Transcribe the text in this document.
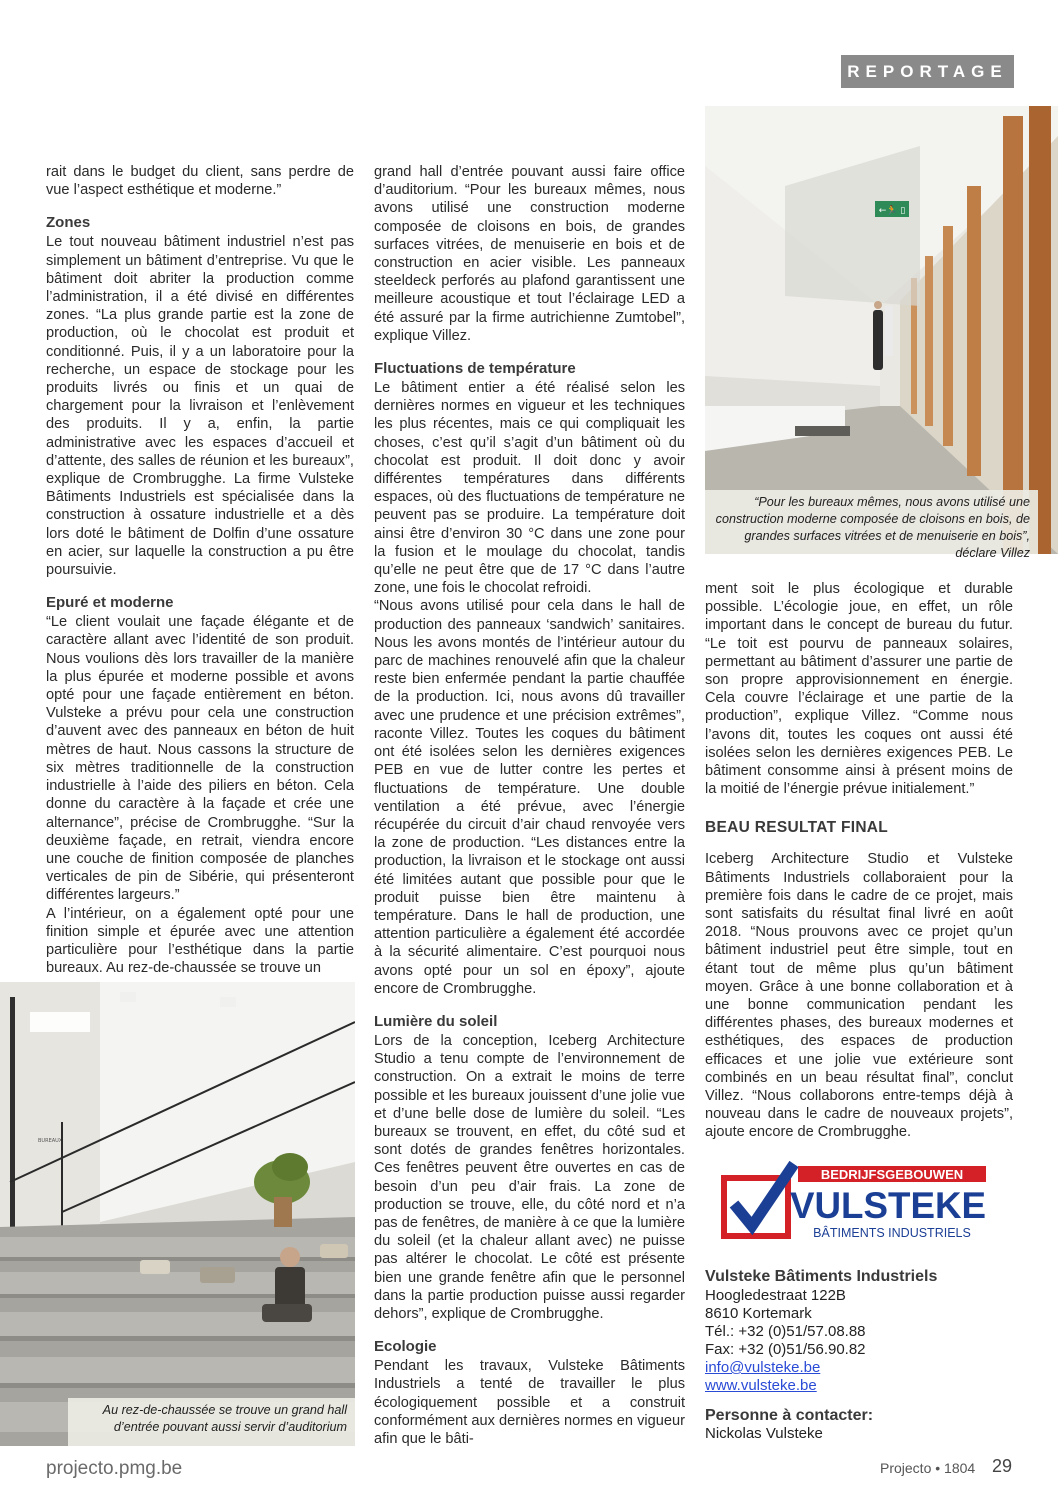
REPORTAGE

rait dans le budget du client, sans perdre de vue l’aspect esthétique et moderne.”

Zones

Le tout nouveau bâtiment industriel n’est pas simplement un bâtiment d’entreprise. Vu que le bâtiment doit abriter la production comme l’administration, il a été divisé en différentes zones. “La plus grande partie est la zone de production, où le chocolat est produit et conditionné. Puis, il y a un laboratoire pour la recherche, un espace de stockage pour les produits livrés ou finis et un quai de chargement pour la livraison et l’enlèvement des produits. Il y a, enfin, la partie administrative avec les espaces d’accueil et d’attente, des salles de réunion et les bureaux”, explique de Crombrugghe. La firme Vulsteke Bâtiments Industriels est spécialisée dans la construction à ossature industrielle et a dès lors doté le bâtiment de Dolfin d’une ossature en acier, sur laquelle la construction a pu être poursuivie.

Epuré et moderne

“Le client voulait une façade élégante et de caractère allant avec l’identité de son produit. Nous voulions dès lors travailler de la manière la plus épurée et moderne possible et avons opté pour une façade entièrement en béton. Vulsteke a prévu pour cela une construction d’auvent avec des panneaux en béton de huit mètres de haut. Nous cassons la structure de six mètres traditionnelle de la construction industrielle à l’aide des piliers en béton. Cela donne du caractère à la façade et crée une alternance”, précise de Crombrugghe. “Sur la deuxième façade, en retrait, viendra encore une couche de finition composée de planches verticales de pin de Sibérie, qui présenteront différentes largeurs.”

A l’intérieur, on a également opté pour une finition simple et épurée avec une attention particulière pour l’esthétique dans la partie bureaux. Au rez-de-chaussée se trouve un

grand hall d’entrée pouvant aussi faire office d’auditorium. “Pour les bureaux mêmes, nous avons utilisé une construction moderne composée de cloisons en bois, de grandes surfaces vitrées, de menuiserie en bois et de construction en acier visible. Les panneaux steeldeck perforés au plafond garantissent une meilleure acoustique et tout l’éclairage LED a été assuré par la firme autrichienne Zumtobel”, explique Villez.

Fluctuations de température

Le bâtiment entier a été réalisé selon les dernières normes en vigueur et les techniques les plus récentes, mais ce qui compliquait les choses, c’est qu’il s’agit d’un bâtiment où du chocolat est produit. Il doit donc y avoir différentes températures dans différents espaces, où des fluctuations de température ne peuvent pas se produire. La température doit ainsi être d’environ 30 °C dans une zone pour la fusion et le moulage du chocolat, tandis qu’elle ne peut être que de 17 °C dans l’autre zone, une fois le chocolat refroidi.

“Nous avons utilisé pour cela dans le hall de production des panneaux ‘sandwich’ sanitaires. Nous les avons montés de l’intérieur autour du parc de machines renouvelé afin que la chaleur reste bien enfermée pendant la partie chauffée de la production. Ici, nous avons dû travailler avec une prudence et une précision extrêmes”, raconte Villez. Toutes les coques du bâtiment ont été isolées selon les dernières exigences PEB en vue de lutter contre les pertes et fluctuations de température. Une double ventilation a été prévue, avec l’énergie récupérée du circuit d’air chaud renvoyée vers la zone de production. “Les distances entre la production, la livraison et le stockage ont aussi été limitées autant que possible pour que le produit puisse bien être maintenu à température. Dans le hall de production, une attention particulière a également été accordée à la sécurité alimentaire. C’est pourquoi nous avons opté pour un sol en époxy”, ajoute encore de Crombrugghe.

Lumière du soleil

Lors de la conception, Iceberg Architecture Studio a tenu compte de l’environnement de construction. On a extrait le moins de terre possible et les bureaux jouissent d’une jolie vue et d’une belle dose de lumière du soleil. “Les bureaux se trouvent, en effet, du côté sud et sont dotés de grandes fenêtres horizontales. Ces fenêtres peuvent être ouvertes en cas de besoin d’un peu d’air frais. La zone de production se trouve, elle, du côté nord et n’a pas de fenêtres, de manière à ce que la lumière du soleil (et la chaleur allant avec) ne puisse pas altérer le chocolat. Le côté est présente bien une grande fenêtre afin que le personnel dans la partie production puisse aussi regarder dehors”, explique de Crombrugghe.

Ecologie

Pendant les travaux, Vulsteke Bâtiments Industriels a tenté de travailler le plus écologiquement possible et a construit conformément aux dernières normes en vigueur afin que le bâti-

ment soit le plus écologique et durable possible. L’écologie joue, en effet, un rôle important dans le concept de bureau du futur. “Le toit est pourvu de panneaux solaires, permettant au bâtiment d’assurer une partie de son propre approvisionnement en énergie. Cela couvre l’éclairage et une partie de la production”, explique Villez. “Comme nous l’avons dit, toutes les coques ont aussi été isolées selon les dernières exigences PEB. Le bâtiment consomme ainsi à présent moins de la moitié de l’énergie prévue initialement.”

BEAU RESULTAT FINAL

Iceberg Architecture Studio et Vulsteke Bâtiments Industriels collaboraient pour la première fois dans le cadre de ce projet, mais sont satisfaits du résultat final livré en août 2018. “Nous prouvons avec ce projet qu’un bâtiment industriel peut être simple, tout en étant tout de même plus qu’un bâtiment moyen. Grâce à une bonne collaboration et à une bonne communication pendant les différentes phases, des bureaux modernes et esthétiques, des espaces de production efficaces et une jolie vue extérieure sont combinés en un beau résultat final”, conclut Villez. “Nous collaborons entre-temps déjà à nouveau dans le cadre de nouveaux projets”, ajoute encore de Crombrugghe.

←🏃 ▯
“Pour les bureaux mêmes, nous avons utilisé une construction moderne composée de cloisons en bois, de grandes surfaces vitrées et de menuiserie en bois”, déclare Villez
BUREAUX
Au rez-de-chaussée se trouve un grand hall d’entrée pouvant aussi servir d’auditorium
BEDRIJFSGEBOUWEN
VULSTEKE
BÂTIMENTS INDUSTRIELS
Vulsteke Bâtiments Industriels
Hoogledestraat 122B
8610 Kortemark
Tél.: +32 (0)51/57.08.88
Fax: +32 (0)51/56.90.82
info@vulsteke.be
www.vulsteke.be
Personne à contacter:
Nickolas Vulsteke
projecto.pmg.be	Projecto • 1804 29
